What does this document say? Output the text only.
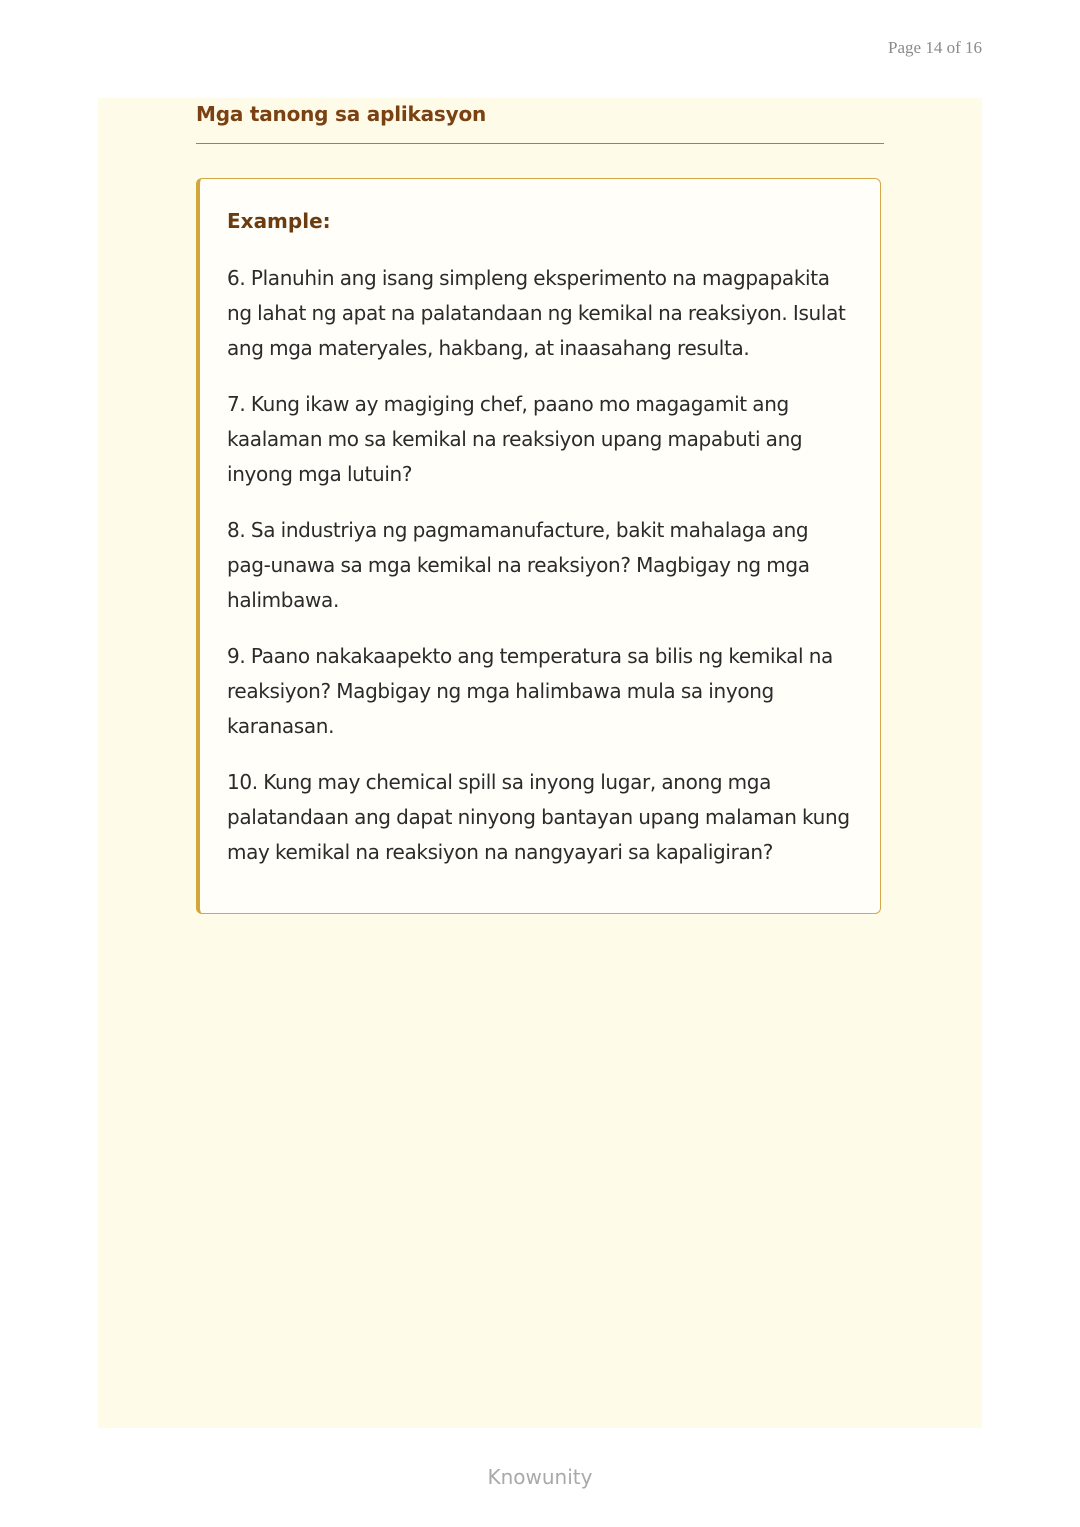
Page 14 of 16
Mga tanong sa aplikasyon
Example:
6. Planuhin ang isang simpleng eksperimento na magpapakita ng lahat ng apat na palatandaan ng kemikal na reaksiyon. Isulat ang mga materyales, hakbang, at inaasahang resulta.
7. Kung ikaw ay magiging chef, paano mo magagamit ang kaalaman mo sa kemikal na reaksiyon upang mapabuti ang inyong mga lutuin?
8. Sa industriya ng pagmamanufacture, bakit mahalaga ang pag-unawa sa mga kemikal na reaksiyon? Magbigay ng mga halimbawa.
9. Paano nakakaapekto ang temperatura sa bilis ng kemikal na reaksiyon? Magbigay ng mga halimbawa mula sa inyong karanasan.
10. Kung may chemical spill sa inyong lugar, anong mga palatandaan ang dapat ninyong bantayan upang malaman kung may kemikal na reaksiyon na nangyayari sa kapaligiran?
Knowunity
